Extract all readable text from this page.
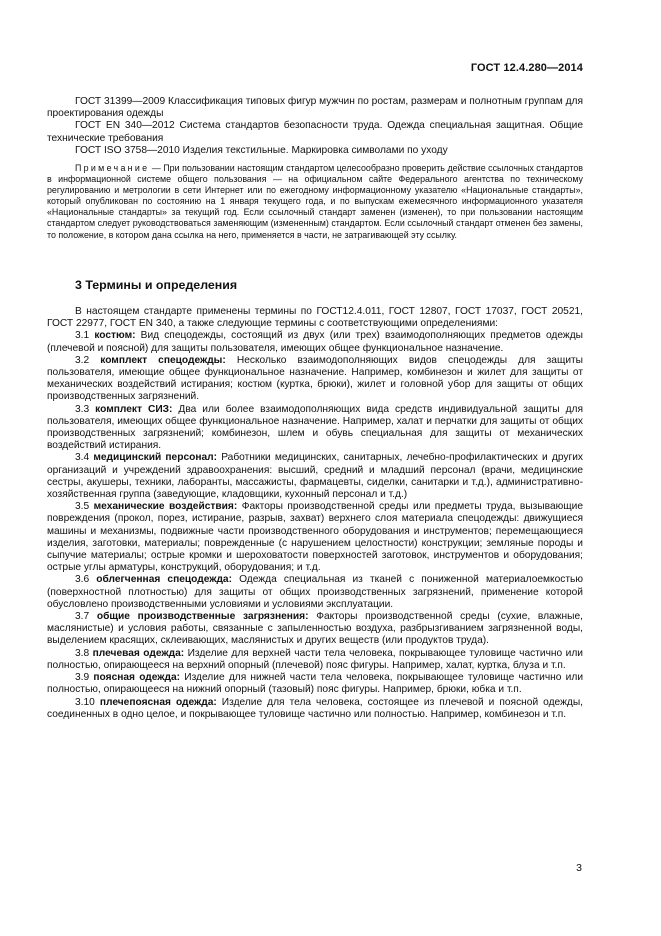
ГОСТ 12.4.280—2014

ГОСТ 31399—2009 Классификация типовых фигур мужчин по ростам, размерам и полнотным группам для проектирования одежды

ГОСТ EN 340—2012 Система стандартов безопасности труда. Одежда специальная защитная. Общие технические требования

ГОСТ ISO 3758—2010 Изделия текстильные. Маркировка символами по уходу

Примечание — При пользовании настоящим стандартом целесообразно проверить действие ссылочных стандартов в информационной системе общего пользования — на официальном сайте Федерального агентства по техническому регулированию и метрологии в сети Интернет или по ежегодному информационному указателю «Национальные стандарты», который опубликован по состоянию на 1 января текущего года, и по выпускам ежемесячного информационного указателя «Национальные стандарты» за текущий год. Если ссылочный стандарт заменен (изменен), то при пользовании настоящим стандартом следует руководствоваться заменяющим (измененным) стандартом. Если ссылочный стандарт отменен без замены, то положение, в котором дана ссылка на него, применяется в части, не затрагивающей эту ссылку.

3 Термины и определения

В настоящем стандарте применены термины по ГОСТ12.4.011, ГОСТ 12807, ГОСТ 17037, ГОСТ 20521, ГОСТ 22977, ГОСТ EN 340, а также следующие термины с соответствующими определениями:

3.1 костюм: Вид спецодежды, состоящий из двух (или трех) взаимодополняющих предметов одежды (плечевой и поясной) для защиты пользователя, имеющих общее функциональное назначение.

3.2 комплект спецодежды: Несколько взаимодополняющих видов спецодежды для защиты пользователя, имеющие общее функциональное назначение. Например, комбинезон и жилет для защиты от механических воздействий истирания; костюм (куртка, брюки), жилет и головной убор для защиты от общих производственных загрязнений.

3.3 комплект СИЗ: Два или более взаимодополняющих вида средств индивидуальной защиты для пользователя, имеющих общее функциональное назначение. Например, халат и перчатки для защиты от общих производственных загрязнений; комбинезон, шлем и обувь специальная для защиты от механических воздействий истирания.

3.4 медицинский персонал: Работники медицинских, санитарных, лечебно-профилактических и других организаций и учреждений здравоохранения: высший, средний и младший персонал (врачи, медицинские сестры, акушеры, техники, лаборанты, массажисты, фармацевты, сиделки, санитарки и т.д.), административно-хозяйственная группа (заведующие, кладовщики, кухонный персонал и т.д.)

3.5 механические воздействия: Факторы производственной среды или предметы труда, вызывающие повреждения (прокол, порез, истирание, разрыв, захват) верхнего слоя материала спецодежды: движущиеся машины и механизмы, подвижные части производственного оборудования и инструментов; перемещающиеся изделия, заготовки, материалы; поврежденные (с нарушением целостности) конструкции; земляные породы и сыпучие материалы; острые кромки и шероховатости поверхностей заготовок, инструментов и оборудования; острые углы арматуры, конструкций, оборудования; и т.д.

3.6 облегченная спецодежда: Одежда специальная из тканей с пониженной материалоемкостью (поверхностной плотностью) для защиты от общих производственных загрязнений, применение которой обусловлено производственными условиями и условиями эксплуатации.

3.7 общие производственные загрязнения: Факторы производственной среды (сухие, влажные, маслянистые) и условия работы, связанные с запыленностью воздуха, разбрызгиванием загрязненной воды, выделением красящих, склеивающих, маслянистых и других веществ (или продуктов труда).

3.8 плечевая одежда: Изделие для верхней части тела человека, покрывающее туловище частично или полностью, опирающееся на верхний опорный (плечевой) пояс фигуры. Например, халат, куртка, блуза и т.п.

3.9 поясная одежда: Изделие для нижней части тела человека, покрывающее туловище частично или полностью, опирающееся на нижний опорный (тазовый) пояс фигуры. Например, брюки, юбка и т.п.

3.10 плечепоясная одежда: Изделие для тела человека, состоящее из плечевой и поясной одежды, соединенных в одно целое, и покрывающее туловище частично или полностью. Например, комбинезон и т.п.

3
